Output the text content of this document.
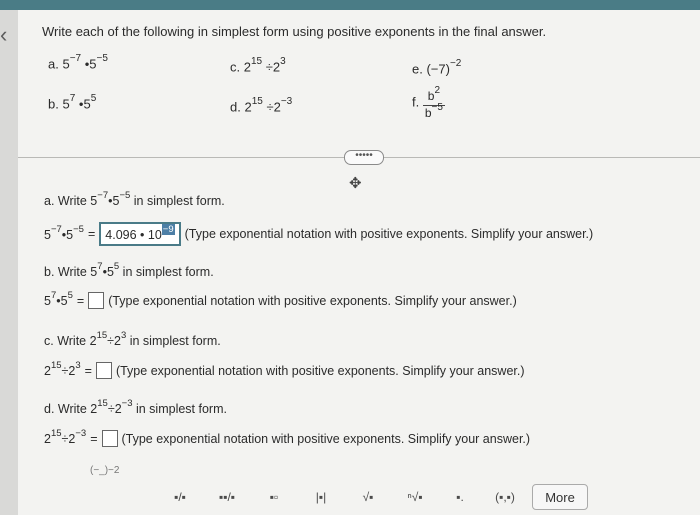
‹	Write each of the following in simplest form using positive exponents in the final answer.
a. $5^{-7}$ $•5^{-5}$
b. $5^7$ $•5^5$
c. $2^{15} \div 2^3$
d. $2^{15} \div 2^{-3}$
e. $(-7)^{-2}$
f. $\frac{b^2}{b^{-5}}$
•••••
✥
a. Write $5^{-7}•5^{-5}$ in simplest form.
$5^{-7}•5^{-5} = 4.096$ • $10^{-9}$ (Type exponential notation with positive exponents. Simplify your answer.)
b. Write $5^7•5^5$ in simplest form.
$5^7•5^5$ = (Type exponential notation with positive exponents. Simplify your answer.)
c. Write $2^{15}\div 2^3$ in simplest form.
$2^{15}\div 2^3$ = (Type exponential notation with positive exponents. Simplify your answer.)
d. Write $2^{15}\div 2^{-3}$ in simplest form.
$2^{15}\div 2^{-3}$ = (Type exponential notation with positive exponents. Simplify your answer.)
(−_)−2
▪/▪	▪▪/▪	▪▫	|▪|	√▪	ⁿ√▪	▪.	(▪,▪)	More
